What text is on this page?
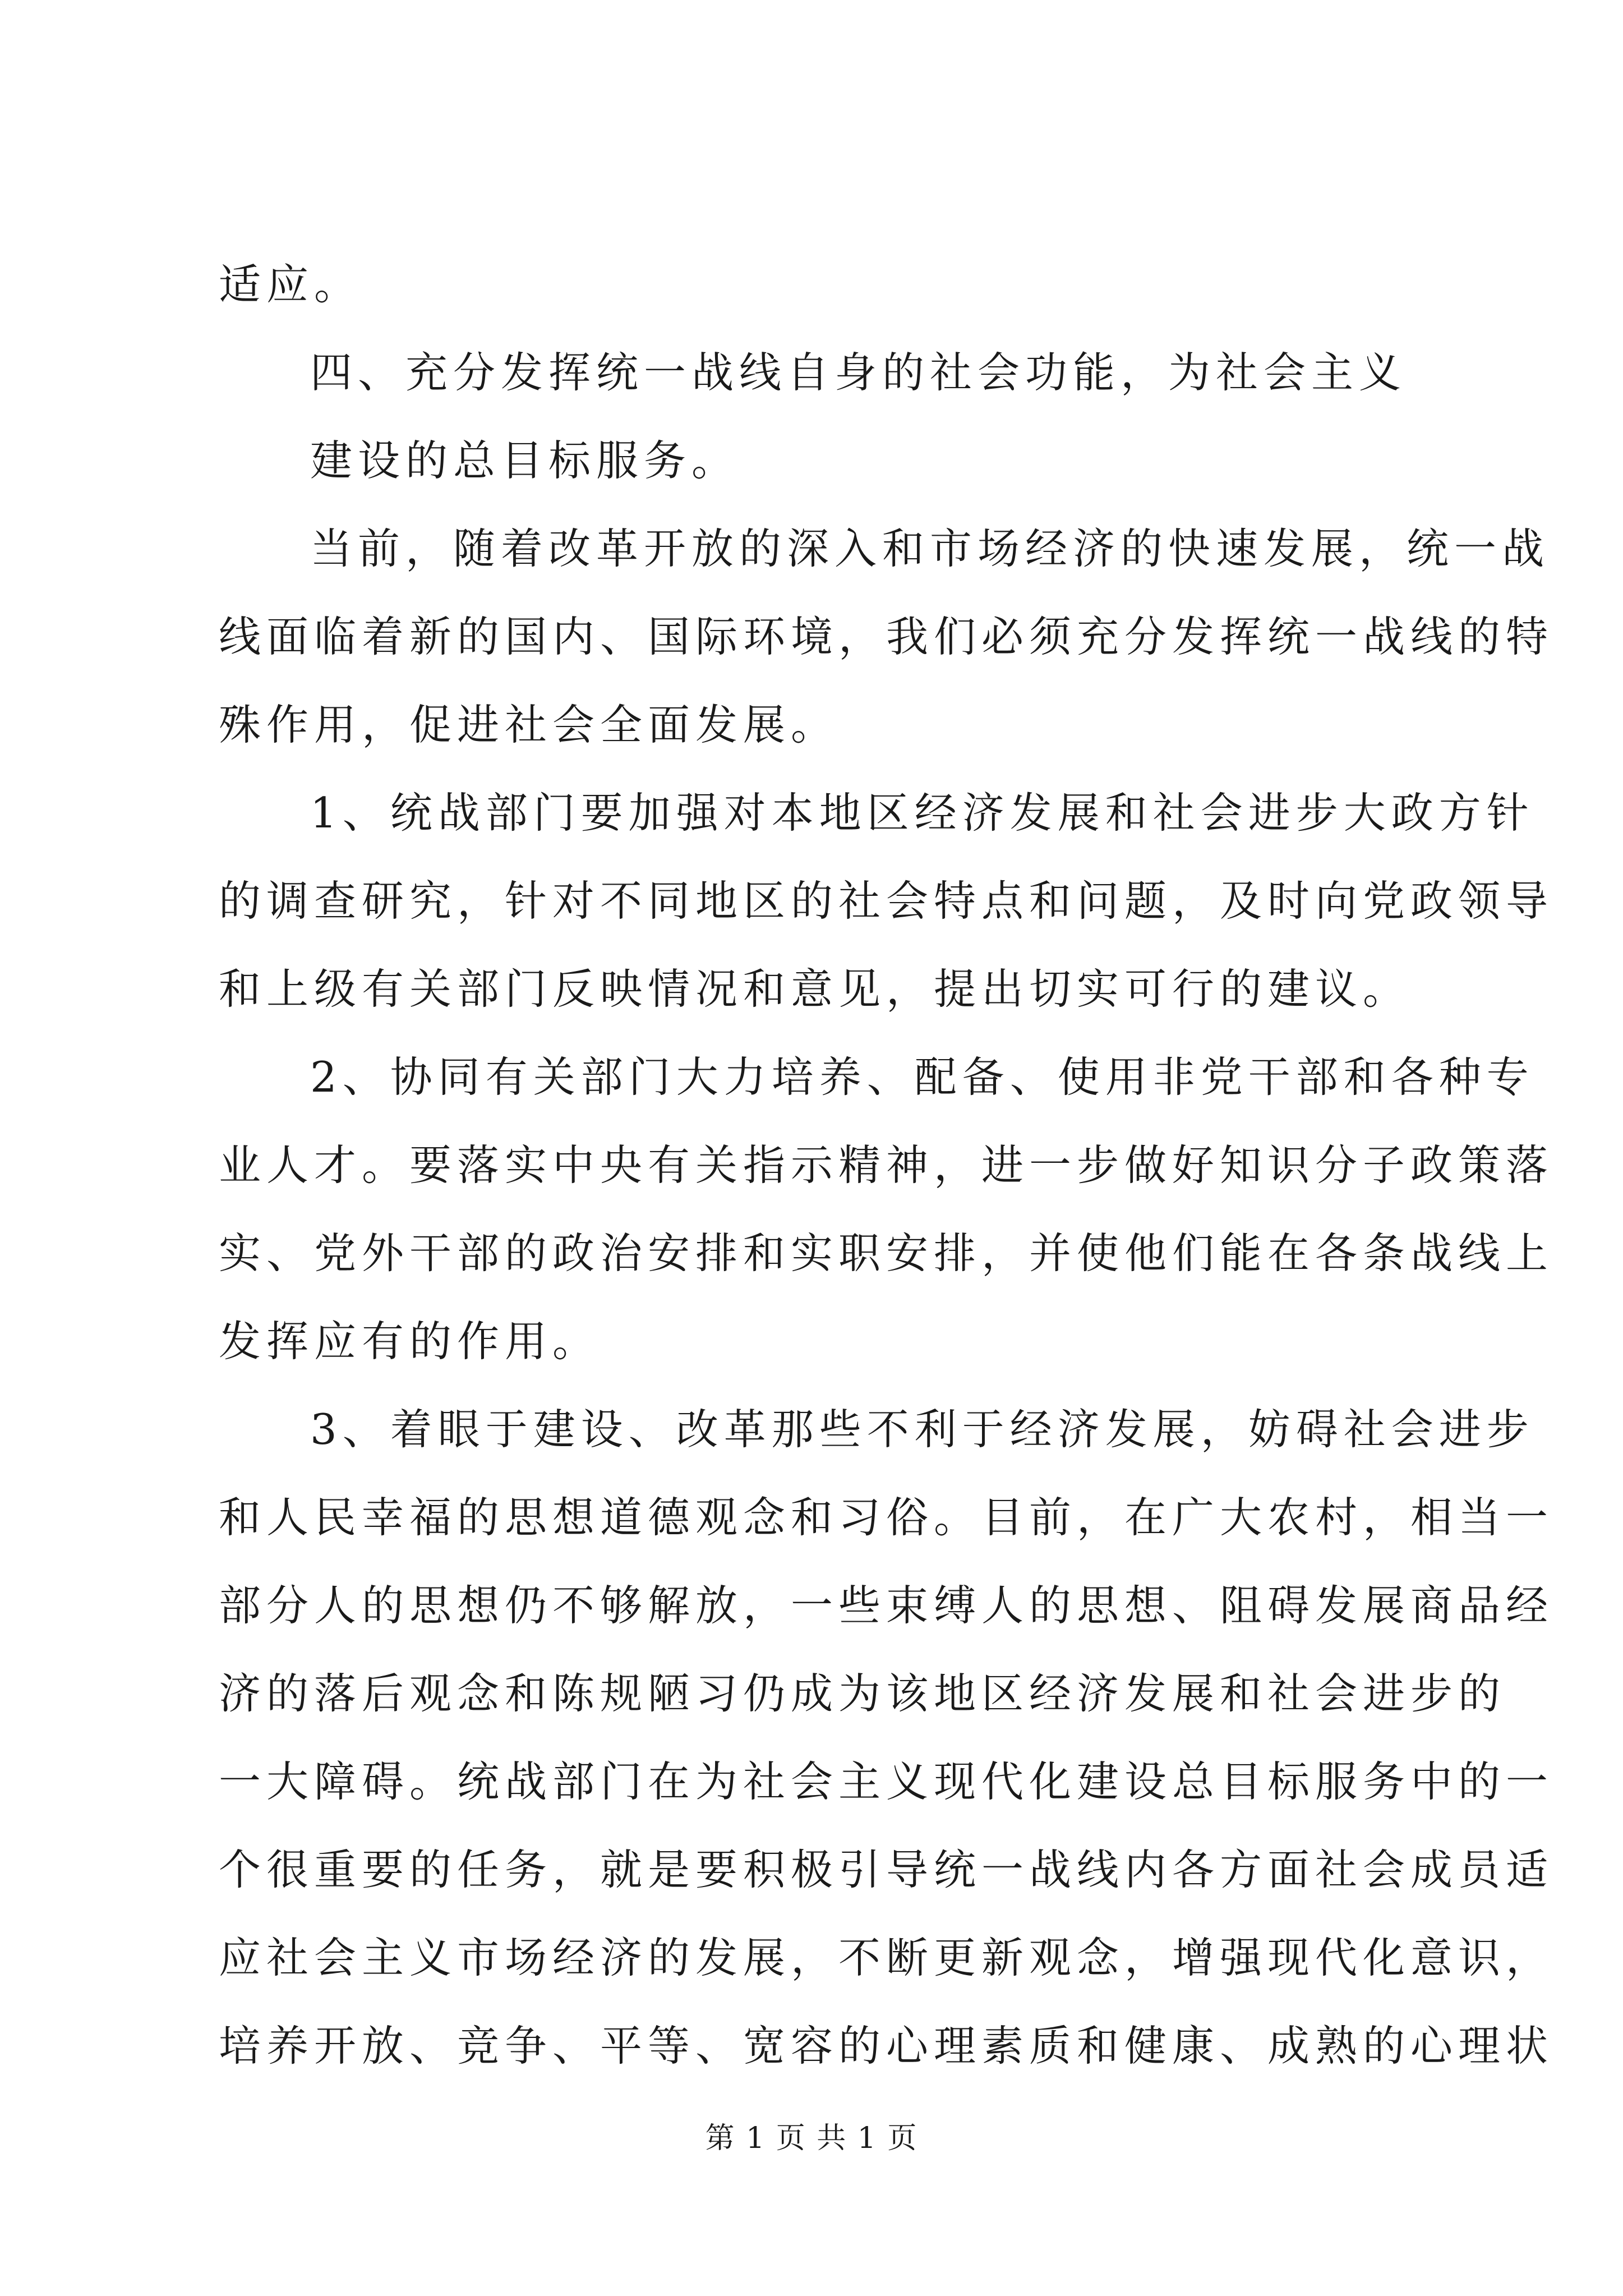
适应。

四、充分发挥统一战线自身的社会功能，为社会主义

建设的总目标服务。

当前，随着改革开放的深入和市场经济的快速发展，统一战

线面临着新的国内、国际环境，我们必须充分发挥统一战线的特

殊作用，促进社会全面发展。

1、统战部门要加强对本地区经济发展和社会进步大政方针

的调查研究，针对不同地区的社会特点和问题，及时向党政领导

和上级有关部门反映情况和意见，提出切实可行的建议。

2、协同有关部门大力培养、配备、使用非党干部和各种专

业人才。要落实中央有关指示精神，进一步做好知识分子政策落

实、党外干部的政治安排和实职安排，并使他们能在各条战线上

发挥应有的作用。

3、着眼于建设、改革那些不利于经济发展，妨碍社会进步

和人民幸福的思想道德观念和习俗。目前，在广大农村，相当一

部分人的思想仍不够解放，一些束缚人的思想、阻碍发展商品经

济的落后观念和陈规陋习仍成为该地区经济发展和社会进步的

一大障碍。统战部门在为社会主义现代化建设总目标服务中的一

个很重要的任务，就是要积极引导统一战线内各方面社会成员适

应社会主义市场经济的发展，不断更新观念，增强现代化意识，

培养开放、竞争、平等、宽容的心理素质和健康、成熟的心理状

第 1 页 共 1 页
